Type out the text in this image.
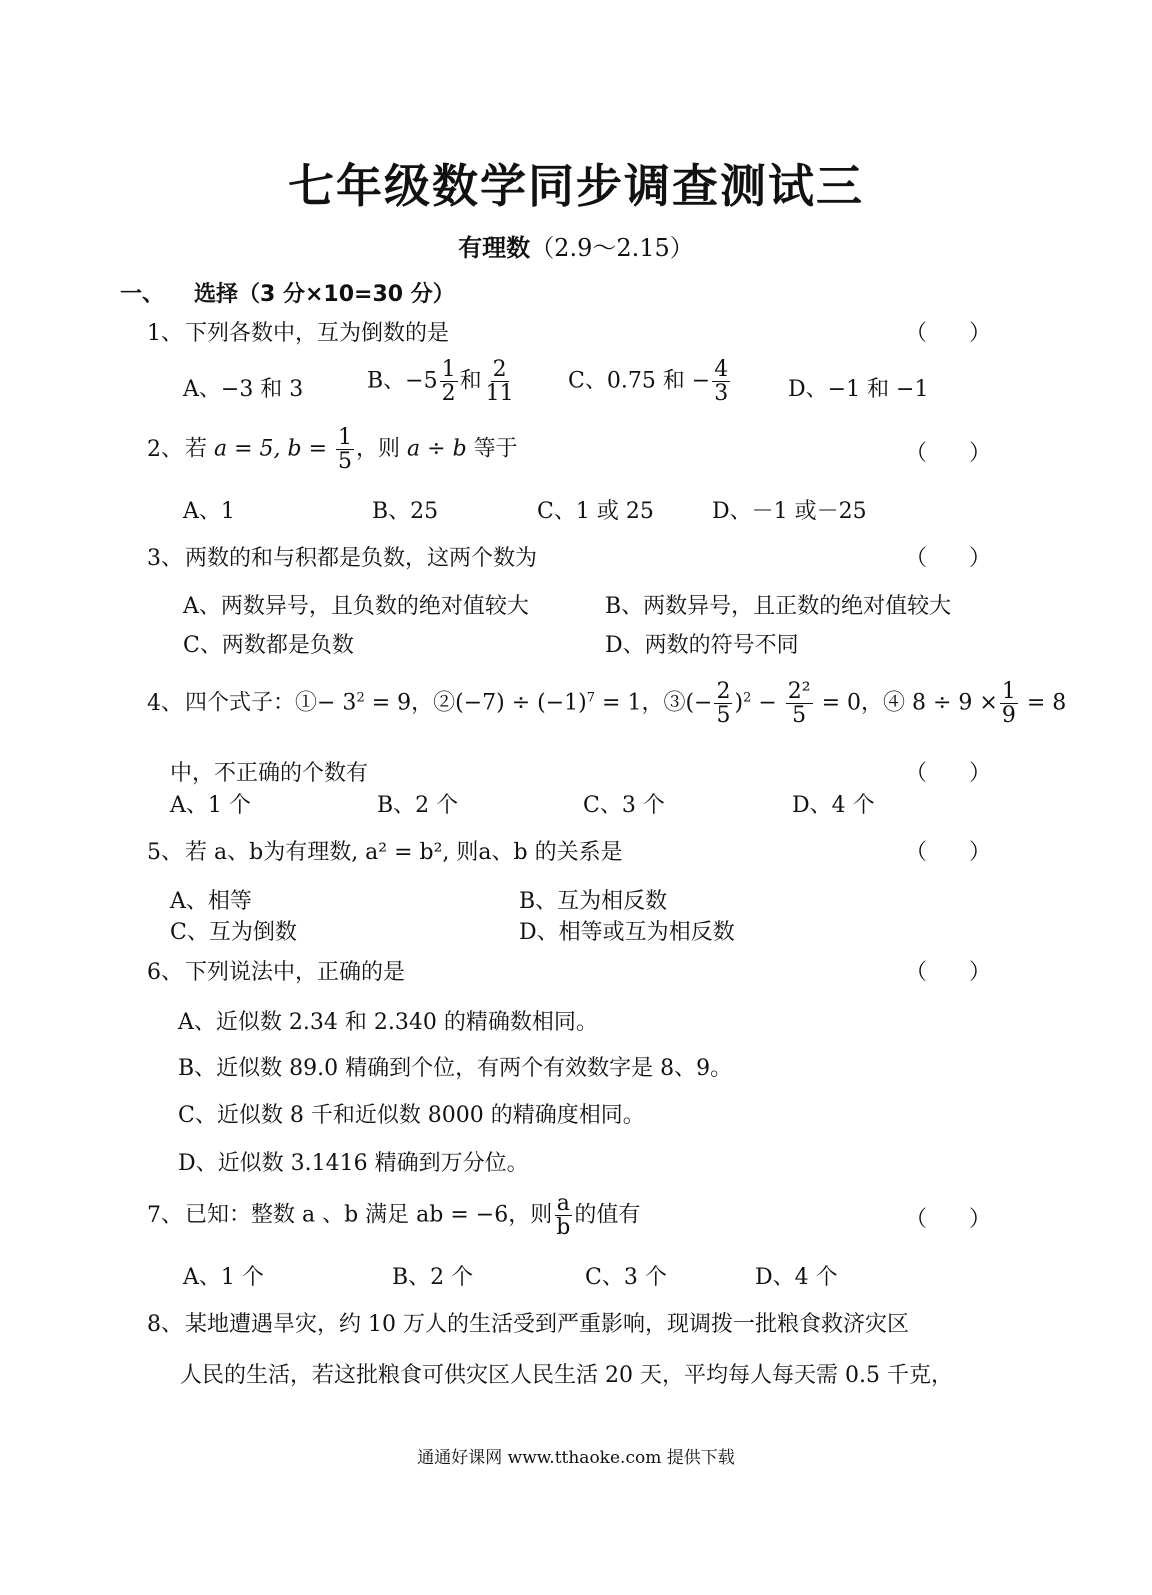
七年级数学同步调查测试三
有理数（2.9～2.15）
一、 选择（3 分×10=30 分）
1、下列各数中，互为倒数的是	（      ）
A、−3 和 3	B、$-5 \frac{1}{2}$ 和 $\frac{2}{11}$ C、0.75 和 − $\frac{4}{3}$	D、−1 和 −1
2、若 a = 5, $b = \frac{1}{5}$ ，则 a ÷ b 等于	（      ）
A、1	B、25	C、1 或 25	D、－1 或－25
3、两数的和与积都是负数，这两个数为	（      ）
A、两数异号，且负数的绝对值较大	B、两数异号，且正数的绝对值较大
C、两数都是负数	D、两数的符号不同
4、四个式子：①− $3^2 = 9$，②(−7) ÷ $(-1)^7 = 1$，③(− $\frac{2}{5} )^2 - \frac{\text{2²}}{5} = 0$，④ $8 \div 9 \times \frac{1}{9} = 8$
中，不正确的个数有	（      ）
A、1 个	B、2 个	C、3 个	D、4 个
5、若 a、b为有理数, a² = b², 则a、b 的关系是	（      ）
A、相等	B、互为相反数
C、互为倒数	D、相等或互为相反数
6、下列说法中，正确的是	（      ）
A、近似数 2.34 和 2.340 的精确数相同。
B、近似数 89.0 精确到个位，有两个有效数字是 8、9。
C、近似数 8 千和近似数 8000 的精确度相同。
D、近似数 3.1416 精确到万分位。
7、已知：整数 a 、b 满足 ab = −6，则 $\frac{a}{b}$ 的值有	（      ）
A、1 个	B、2 个	C、3 个	D、4 个
8、某地遭遇旱灾，约 10 万人的生活受到严重影响，现调拨一批粮食救济灾区
人民的生活，若这批粮食可供灾区人民生活 20 天，平均每人每天需 0.5 千克，
通通好课网 www.tthaoke.com 提供下载
